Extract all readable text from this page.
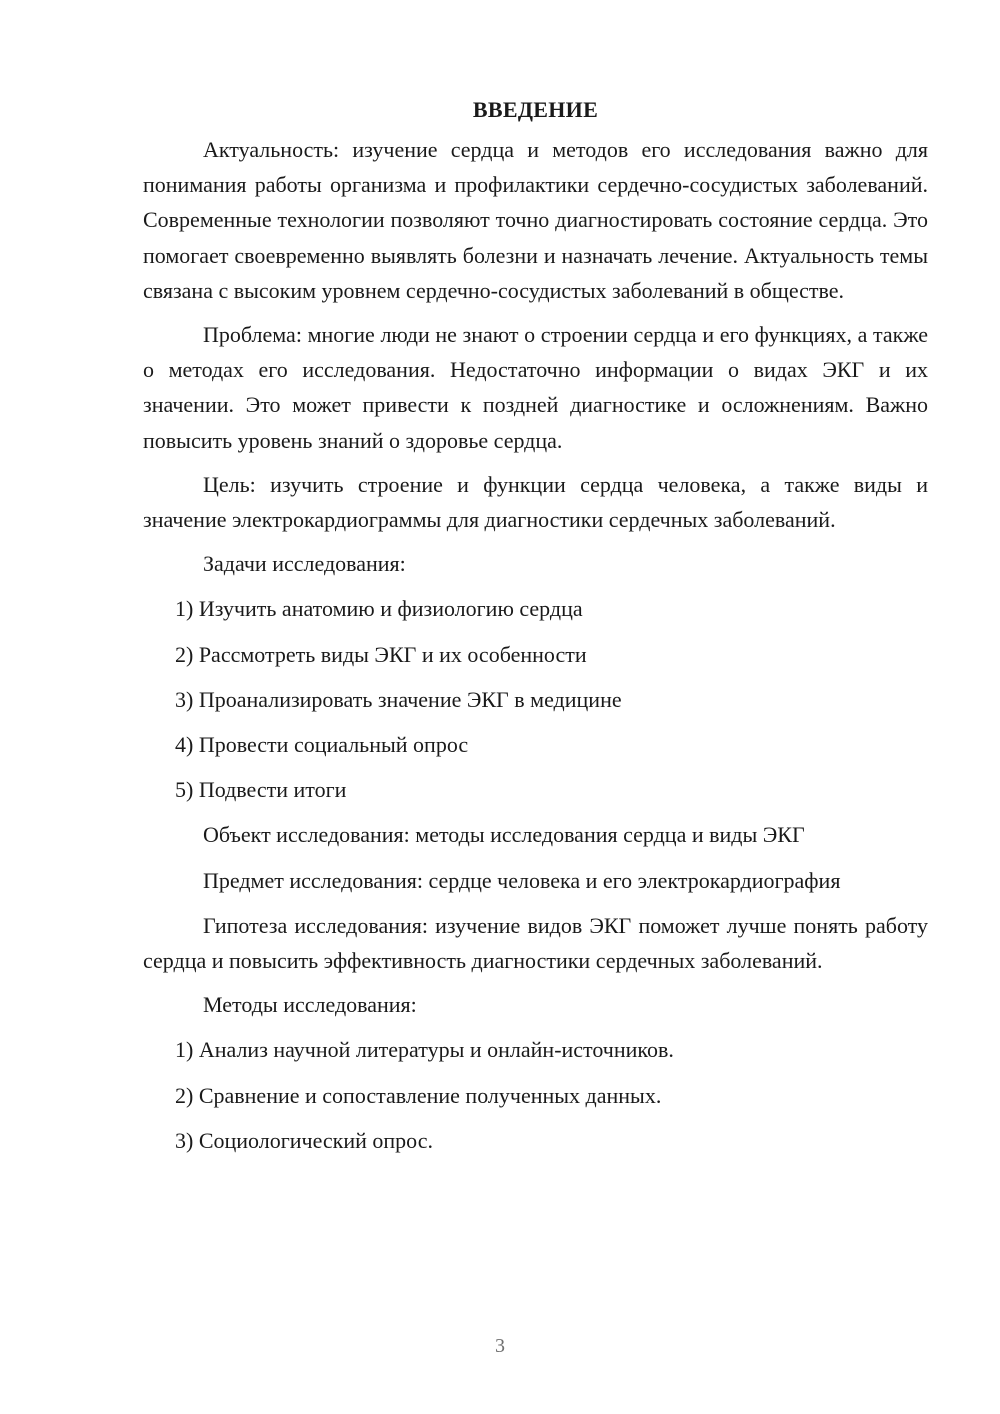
ВВЕДЕНИЕ

Актуальность: изучение сердца и методов его исследования важно для понимания работы организма и профилактики сердечно-сосудистых заболеваний. Современные технологии позволяют точно диагностировать состояние сердца. Это помогает своевременно выявлять болезни и назначать лечение. Актуальность темы связана с высоким уровнем сердечно-сосудистых заболеваний в обществе.

Проблема: многие люди не знают о строении сердца и его функциях, а также о методах его исследования. Недостаточно информации о видах ЭКГ и их значении. Это может привести к поздней диагностике и осложнениям. Важно повысить уровень знаний о здоровье сердца.

Цель: изучить строение и функции сердца человека, а также виды и значение электрокардиограммы для диагностики сердечных заболеваний.

Задачи исследования:
1) Изучить анатомию и физиологию сердца
2) Рассмотреть виды ЭКГ и их особенности
3) Проанализировать значение ЭКГ в медицине
4) Провести социальный опрос
5) Подвести итоги
Объект исследования: методы исследования сердца и виды ЭКГ
Предмет исследования: сердце человека и его электрокардиография

Гипотеза исследования: изучение видов ЭКГ поможет лучше понять работу сердца и повысить эффективность диагностики сердечных заболеваний.

Методы исследования:
1) Анализ научной литературы и онлайн-источников.
2) Сравнение и сопоставление полученных данных.
3) Социологический опрос.
3
